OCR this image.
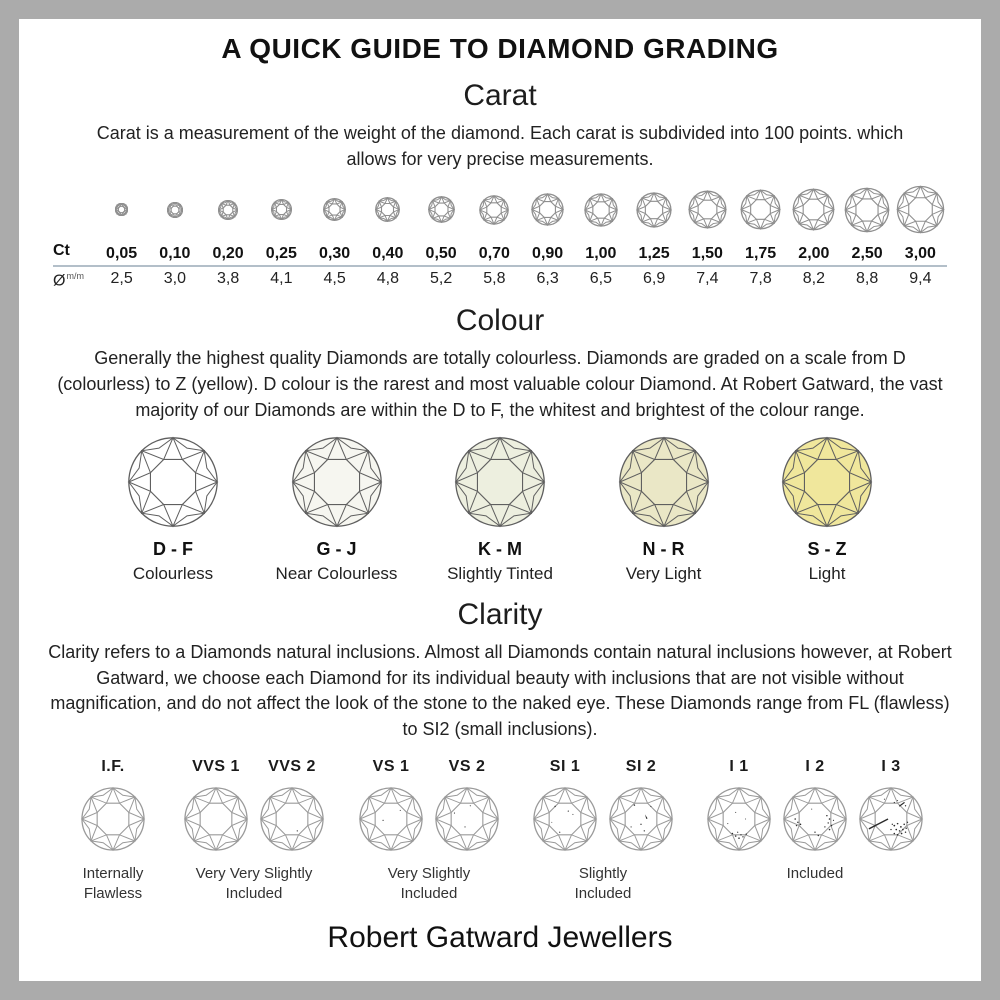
A QUICK GUIDE TO DIAMOND GRADING
Carat
Carat is a measurement of the weight of the diamond. Each carat is subdivided into 100 points. which allows for very precise measurements.

Ct	0,05	0,10	0,20	0,25	0,30	0,40	0,50	0,70	0,90	1,00	1,25	1,50	1,75	2,00	2,50	3,00
$Ø^{m/m}$	2,5	3,0	3,8	4,1	4,5	4,8	5,2	5,8	6,3	6,5	6,9	7,4	7,8	8,2	8,8	9,4
Colour
Generally the highest quality Diamonds are totally colourless. Diamonds are graded on a scale from D (colourless) to Z (yellow). D colour is the rarest and most valuable colour Diamond. At Robert Gatward, the vast majority of our Diamonds are within the D to F, the whitest and brightest of the colour range.
D - F
Colourless
G - J
Near Colourless
K - M
Slightly Tinted
N - R
Very Light
S - Z
Light
Clarity
Clarity refers to a Diamonds natural inclusions. Almost all Diamonds contain natural inclusions however, at Robert Gatward, we choose each Diamond for its individual beauty with inclusions that are not visible without magnification, and do not affect the look of the stone to the naked eye. These Diamonds range from FL (flawless) to SI2 (small inclusions).
I.F.
Internally Flawless
VVS 1 VVS 2
Very Very Slightly Included
VS 1 VS 2
Very Slightly Included
SI 1	SI 2
Slightly Included
I 1	I 2	I 3
Included
Robert Gatward Jewellers
